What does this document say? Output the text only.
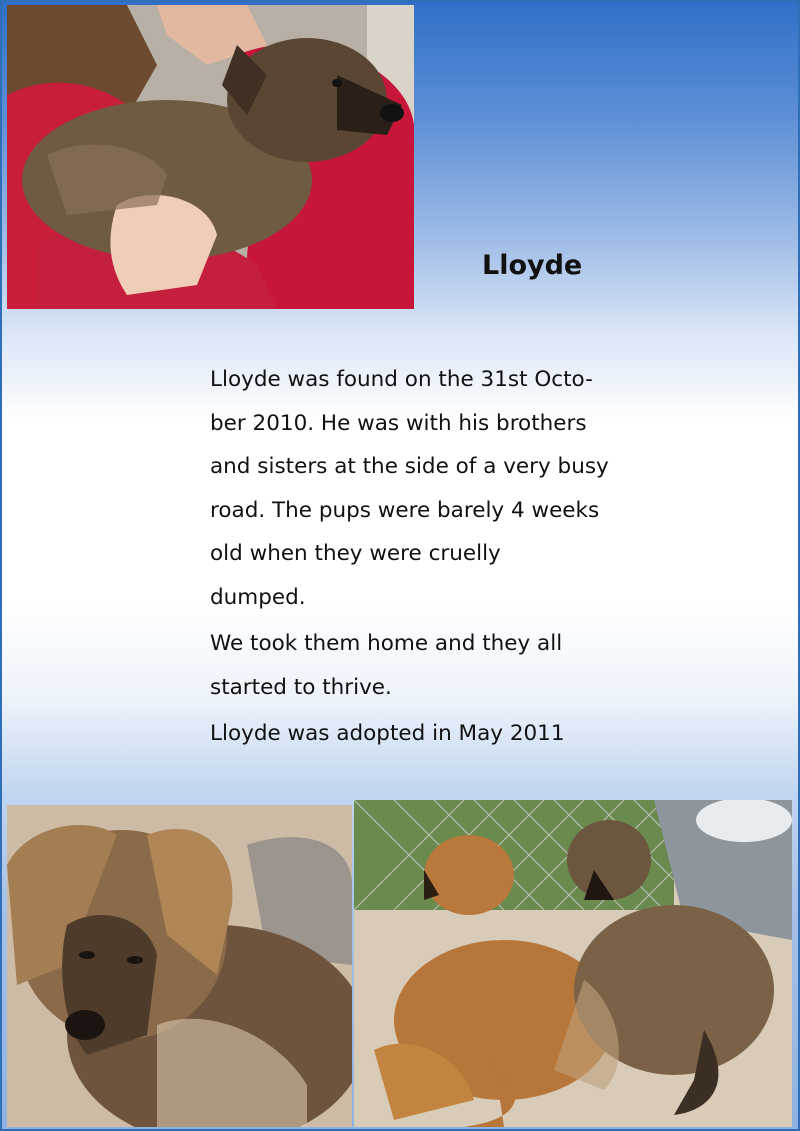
Lloyde

Lloyde was found on the 31st Octo-
ber 2010. He was with his brothers
and sisters at the side of a very busy
road. The pups were barely 4 weeks
old when they were cruelly
dumped.

We took them home and they all
started to thrive.

Lloyde was adopted in May 2011
